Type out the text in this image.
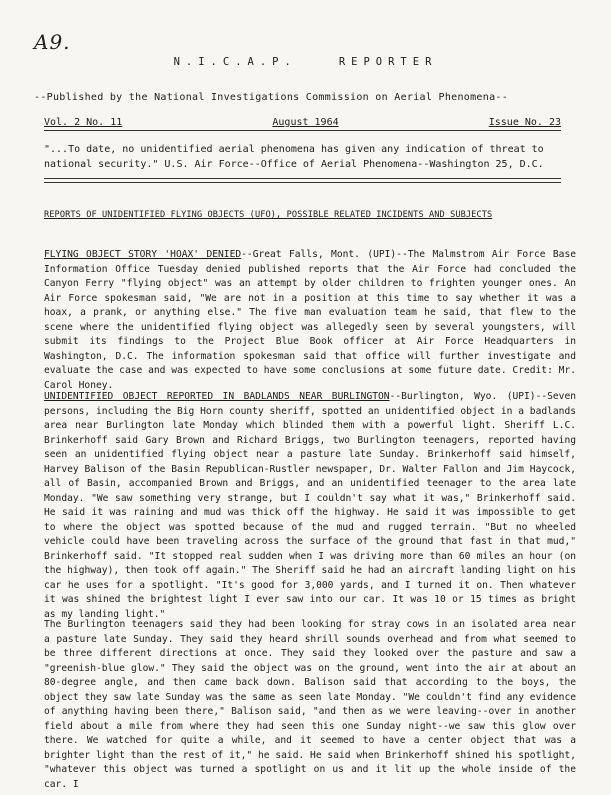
A9.
N.I.C.A.P.	REPORTER
--Published by the National Investigations Commission on Aerial Phenomena--
Vol. 2 No. 11	August 1964	Issue No. 23
"...To date, no unidentified aerial phenomena has given any indication of threat to national security." U.S. Air Force--Office of Aerial Phenomena--Washington 25, D.C.
REPORTS OF UNIDENTIFIED FLYING OBJECTS (UFO), POSSIBLE RELATED INCIDENTS AND SUBJECTS
FLYING OBJECT STORY 'HOAX' DENIED--Great Falls, Mont. (UPI)--The Malmstrom Air Force Base Information Office Tuesday denied published reports that the Air Force had concluded the Canyon Ferry "flying object" was an attempt by older children to frighten younger ones. An Air Force spokesman said, "We are not in a position at this time to say whether it was a hoax, a prank, or anything else." The five man evaluation team he said, that flew to the scene where the unidentified flying object was allegedly seen by several youngsters, will submit its findings to the Project Blue Book officer at Air Force Headquarters in Washington, D.C. The information spokesman said that office will further investigate and evaluate the case and was expected to have some conclusions at some future date. Credit: Mr. Carol Honey.
UNIDENTIFIED OBJECT REPORTED IN BADLANDS NEAR BURLINGTON--Burlington, Wyo. (UPI)--Seven persons, including the Big Horn county sheriff, spotted an unidentified object in a badlands area near Burlington late Monday which blinded them with a powerful light. Sheriff L.C. Brinkerhoff said Gary Brown and Richard Briggs, two Burlington teenagers, reported having seen an unidentified flying object near a pasture late Sunday. Brinkerhoff said himself, Harvey Balison of the Basin Republican-Rustler newspaper, Dr. Walter Fallon and Jim Haycock, all of Basin, accompanied Brown and Briggs, and an unidentified teenager to the area late Monday. "We saw something very strange, but I couldn't say what it was," Brinkerhoff said. He said it was raining and mud was thick off the highway. He said it was impossible to get to where the object was spotted because of the mud and rugged terrain. "But no wheeled vehicle could have been traveling across the surface of the ground that fast in that mud," Brinkerhoff said. "It stopped real sudden when I was driving more than 60 miles an hour (on the highway), then took off again." The Sheriff said he had an aircraft landing light on his car he uses for a spotlight. "It's good for 3,000 yards, and I turned it on. Then whatever it was shined the brightest light I ever saw into our car. It was 10 or 15 times as bright as my landing light."
The Burlington teenagers said they had been looking for stray cows in an isolated area near a pasture late Sunday. They said they heard shrill sounds overhead and from what seemed to be three different directions at once. They said they looked over the pasture and saw a "greenish-blue glow." They said the object was on the ground, went into the air at about an 80-degree angle, and then came back down. Balison said that according to the boys, the object they saw late Sunday was the same as seen late Monday. "We couldn't find any evidence of anything having been there," Balison said, "and then as we were leaving--over in another field about a mile from where they had seen this one Sunday night--we saw this glow over there. We watched for quite a while, and it seemed to have a center object that was a brighter light than the rest of it," he said. He said when Brinkerhoff shined his spotlight, "whatever this object was turned a spotlight on us and it lit up the whole inside of the car. I
